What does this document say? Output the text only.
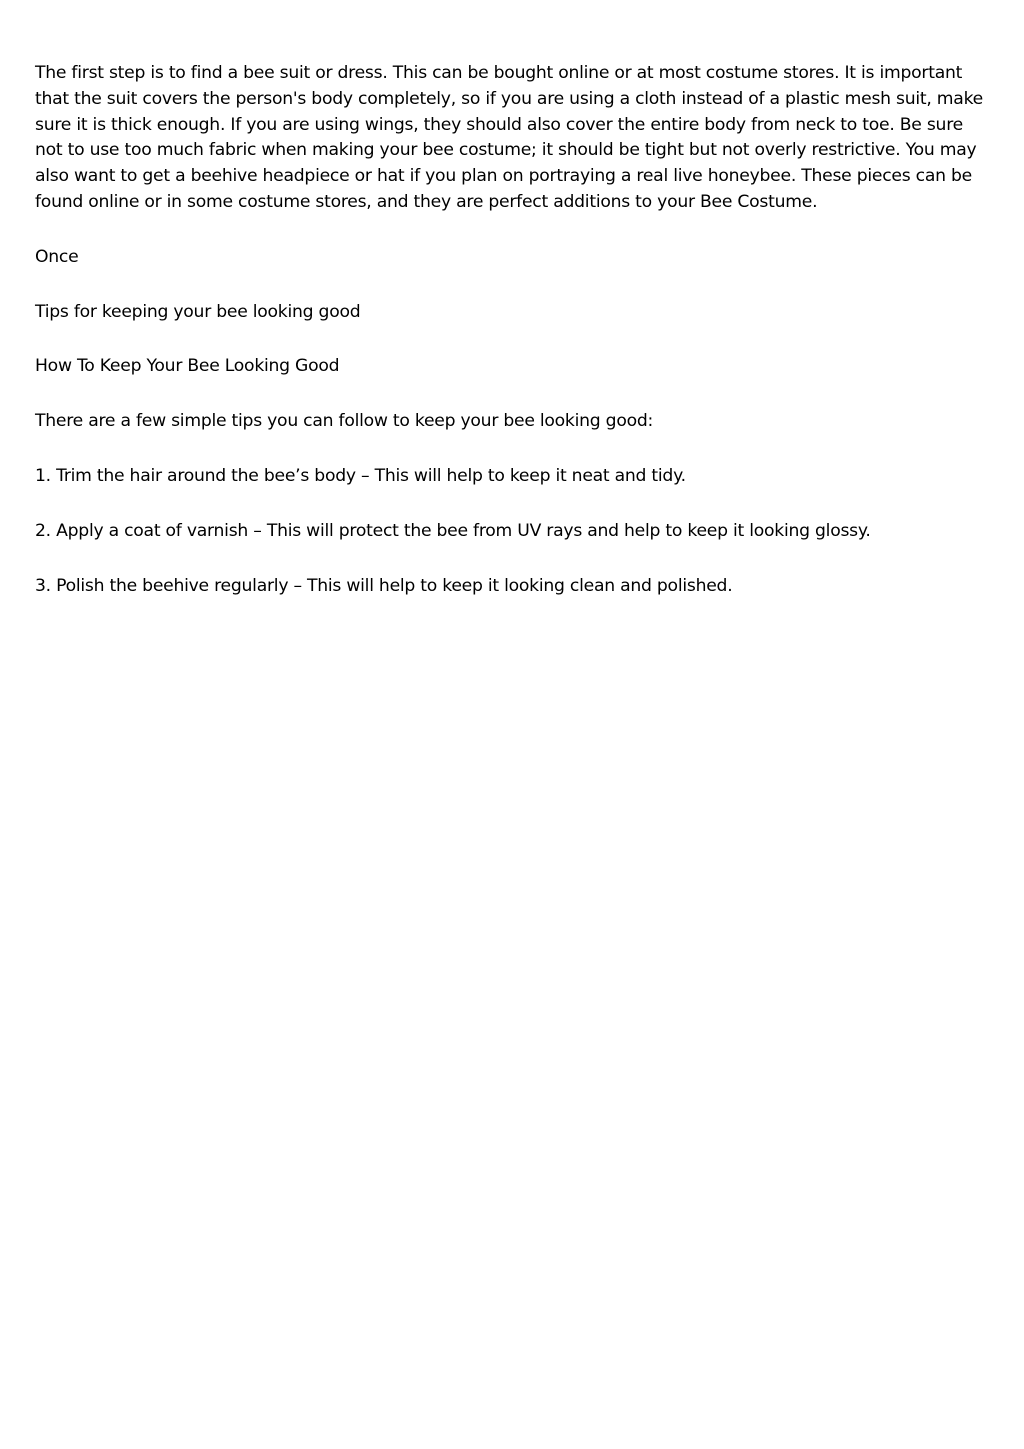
The first step is to find a bee suit or dress. This can be bought online or at most costume stores. It is important that the suit covers the person's body completely, so if you are using a cloth instead of a plastic mesh suit, make sure it is thick enough. If you are using wings, they should also cover the entire body from neck to toe. Be sure not to use too much fabric when making your bee costume; it should be tight but not overly restrictive. You may also want to get a beehive headpiece or hat if you plan on portraying a real live honeybee. These pieces can be found online or in some costume stores, and they are perfect additions to your Bee Costume.

Once

Tips for keeping your bee looking good

How To Keep Your Bee Looking Good

There are a few simple tips you can follow to keep your bee looking good:

1. Trim the hair around the bee’s body – This will help to keep it neat and tidy.

2. Apply a coat of varnish – This will protect the bee from UV rays and help to keep it looking glossy.

3. Polish the beehive regularly – This will help to keep it looking clean and polished.
